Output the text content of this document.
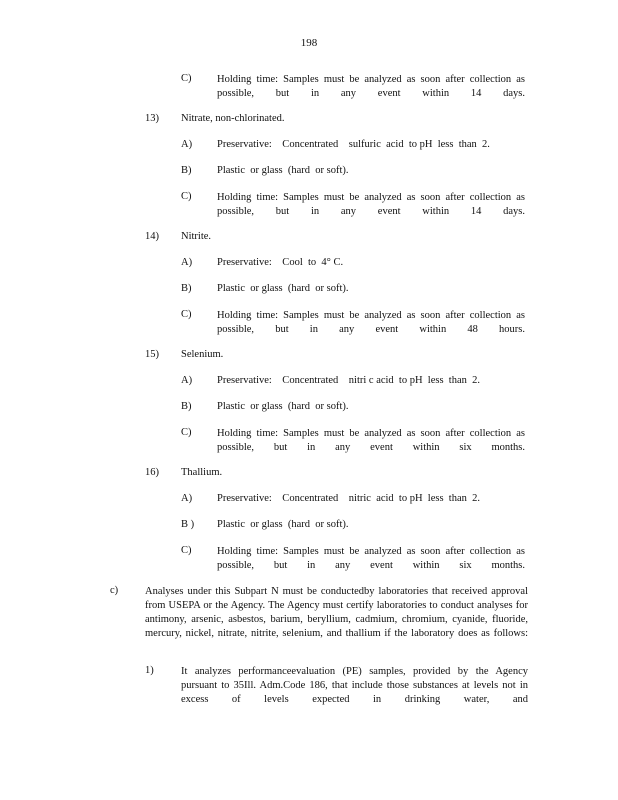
198
C) Holding time: Samples must be analyzed as soon after collection as possible, but in any event within 14 days.
13) Nitrate, non-chlorinated.
A) Preservative:    Concentrated    sulfuric  acid  to pH  less  than  2.
B) Plastic  or glass  (hard  or soft).
C) Holding time: Samples must be analyzed as soon after collection as possible, but in any event within 14 days.
14) Nitrite.
A) Preservative:    Cool  to  4° C.
B) Plastic  or glass  (hard  or soft).
C) Holding time: Samples must be analyzed as soon after collection as possible, but in any event within 48 hours.
15) Selenium.
A) Preservative:    Concentrated    nitri c acid  to pH  less  than  2.
B) Plastic  or glass  (hard  or soft).
C) Holding time: Samples must be analyzed as soon after collection as possible, but in any event within six months.
16) Thallium.
A) Preservative:    Concentrated    nitric  acid  to pH  less  than  2.
B ) Plastic  or glass  (hard  or soft).
C) Holding time: Samples must be analyzed as soon after collection as possible, but in any event within six months.
c)	Analyses under this Subpart N must be conductedby laboratories that received approval from USEPA or the Agency. The Agency must certify laboratories to conduct analyses for antimony, arsenic, asbestos, barium, beryllium, cadmium, chromium, cyanide, fluoride, mercury, nickel, nitrate, nitrite, selenium, and thallium if the laboratory does as follows:
1)	It analyzes performanceevaluation (PE) samples, provided by the Agency pursuant to 35Ill. Adm.Code 186, that include those substances at levels not in excess of levels expected in drinking water, and
